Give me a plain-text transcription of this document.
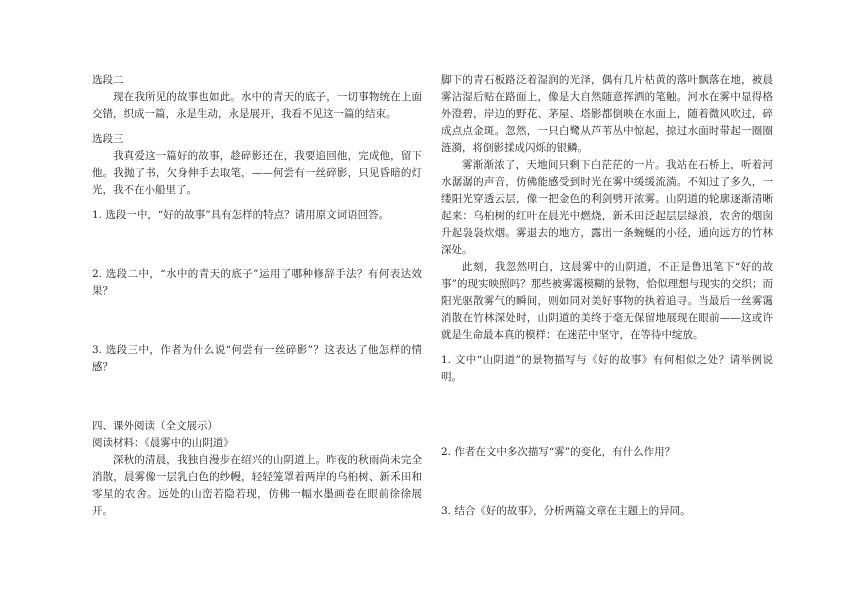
选段二

现在我所见的故事也如此。水中的青天的底子，一切事物统在上面交错，织成一篇，永是生动，永是展开，我看不见这一篇的结束。

选段三

我真爱这一篇好的故事，趁碎影还在，我要追回他，完成他，留下他。我抛了书，欠身伸手去取笔，——何尝有一丝碎影，只见昏暗的灯光，我不在小船里了。

1. 选段一中，“好的故事”具有怎样的特点？请用原文词语回答。

2. 选段二中，“水中的青天的底子”运用了哪种修辞手法？有何表达效果？

3. 选段三中，作者为什么说“何尝有一丝碎影”？这表达了他怎样的情感？

四、课外阅读（全文展示）

阅读材料：《晨雾中的山阴道》

深秋的清晨，我独自漫步在绍兴的山阴道上。昨夜的秋雨尚未完全消散，晨雾像一层乳白色的纱幔，轻轻笼罩着两岸的乌桕树、新禾田和零星的农舍。远处的山峦若隐若现，仿佛一幅水墨画卷在眼前徐徐展开。

脚下的青石板路泛着湿润的光泽，偶有几片枯黄的落叶飘落在地，被晨雾沾湿后贴在路面上，像是大自然随意挥洒的笔触。河水在雾中显得格外澄碧，岸边的野花、茅屋、塔影都倒映在水面上，随着微风吹过，碎成点点金斑。忽然，一只白鹭从芦苇丛中惊起，掠过水面时带起一圈圈涟漪，将倒影揉成闪烁的银鳞。

雾渐渐浓了，天地间只剩下白茫茫的一片。我站在石桥上，听着河水潺潺的声音，仿佛能感受到时光在雾中缓缓流淌。不知过了多久，一缕阳光穿透云层，像一把金色的利剑劈开浓雾。山阴道的轮廓逐渐清晰起来：乌桕树的红叶在晨光中燃烧，新禾田泛起层层绿浪，农舍的烟囱升起袅袅炊烟。雾退去的地方，露出一条蜿蜒的小径，通向远方的竹林深处。

此刻，我忽然明白，这晨雾中的山阴道，不正是鲁迅笔下“好的故事”的现实映照吗？那些被雾霭模糊的景物，恰似理想与现实的交织；而阳光驱散雾气的瞬间，则如同对美好事物的执着追寻。当最后一丝雾霭消散在竹林深处时，山阴道的美终于毫无保留地展现在眼前——这或许就是生命最本真的模样：在迷茫中坚守，在等待中绽放。

1. 文中“山阴道”的景物描写与《好的故事》有何相似之处？请举例说明。

2. 作者在文中多次描写“雾”的变化，有什么作用？

3. 结合《好的故事》，分析两篇文章在主题上的异同。
